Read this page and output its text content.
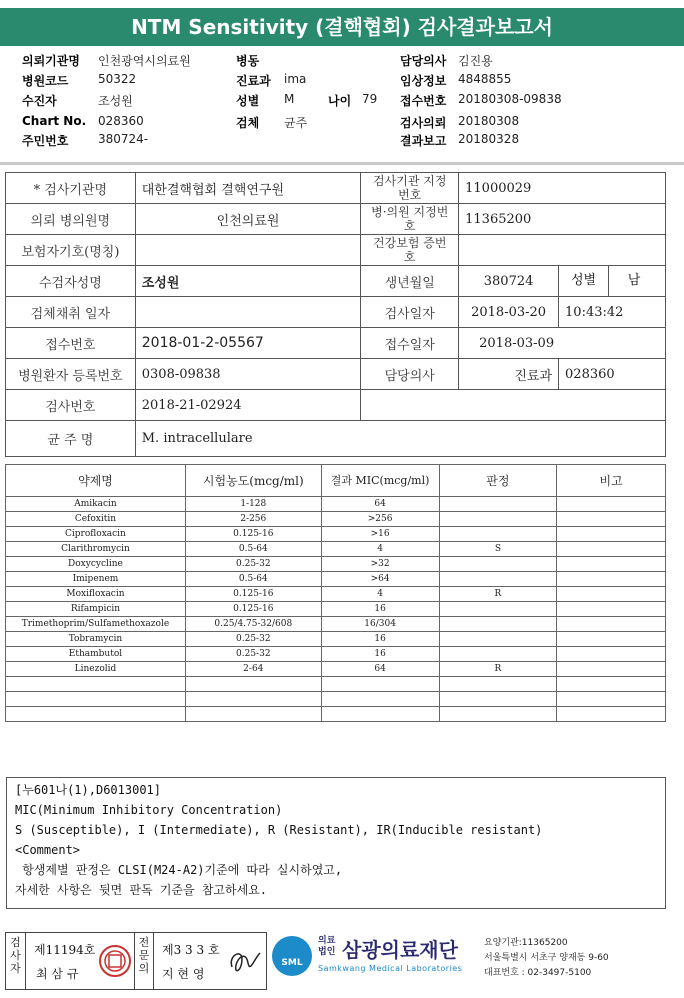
NTM Sensitivity (결핵협회) 검사결과보고서
의뢰기관명 인천광역시의료원	병동	담당의사 김진용
병원코드 50322	진료과 ima	임상정보 4848855
수진자	조성원	성별 M	나이 79 접수번호 20180308-09838
Chart No. 028360	검체 균주	검사의뢰 20180308
주민번호 380724-	결과보고 20180328
* 검사기관명	대한결핵협회 결핵연구원	검사기관 지정번호	11000029	
의뢰 병의원명	인천의료원	병·의원 지정번호	11365200	
보험자기호(명칭)		건강보험 증번호		
수검자성명	조성원	생년월일	380724	성별 남
검체채취 일자		검사일자	2018-03-20	10:43:42
접수번호	2018-01-2-05567	접수일자	2018-03-09	
병원환자 등록번호	0308-09838	담당의사	진료과	028360
검사번호	2018-21-02924			
균 주 명	M. intracellulare			
약제명	시험농도(mcg/ml)	결과 MIC(mcg/ml)	판정	비고
Amikacin	1-128	64		
Cefoxitin	2-256	>256		
Ciprofloxacin	0.125-16	>16		
Clarithromycin	0.5-64	4	S	
Doxycycline	0.25-32	>32		
Imipenem	0.5-64	>64		
Moxifloxacin	0.125-16	4	R	
Rifampicin	0.125-16	16		
Trimethoprim/Sulfamethoxazole	0.25/4.75-32/608	16/304		
Tobramycin	0.25-32	16		
Ethambutol	0.25-32	16		
Linezolid	2-64	64	R	

[누601나(1),D6013001]
MIC(Minimum Inhibitory Concentration)
S (Susceptible), I (Intermediate), R (Resistant), IR(Inducible resistant)
<Comment>
항생제별 판정은 CLSI(M24-A2)기준에 따라 실시하였고,
자세한 사항은 뒷면 판독 기준을 참고하세요.
검사자
제11194호
최 삼 규
전문의
제3 3 3 호
지 현 영
SML
의료 법인 삼광의료재단
Samkwang Medical Laboratories
요양기관:11365200
서울특별시 서초구 양재동 9-60
대표번호 : 02-3497-5100
